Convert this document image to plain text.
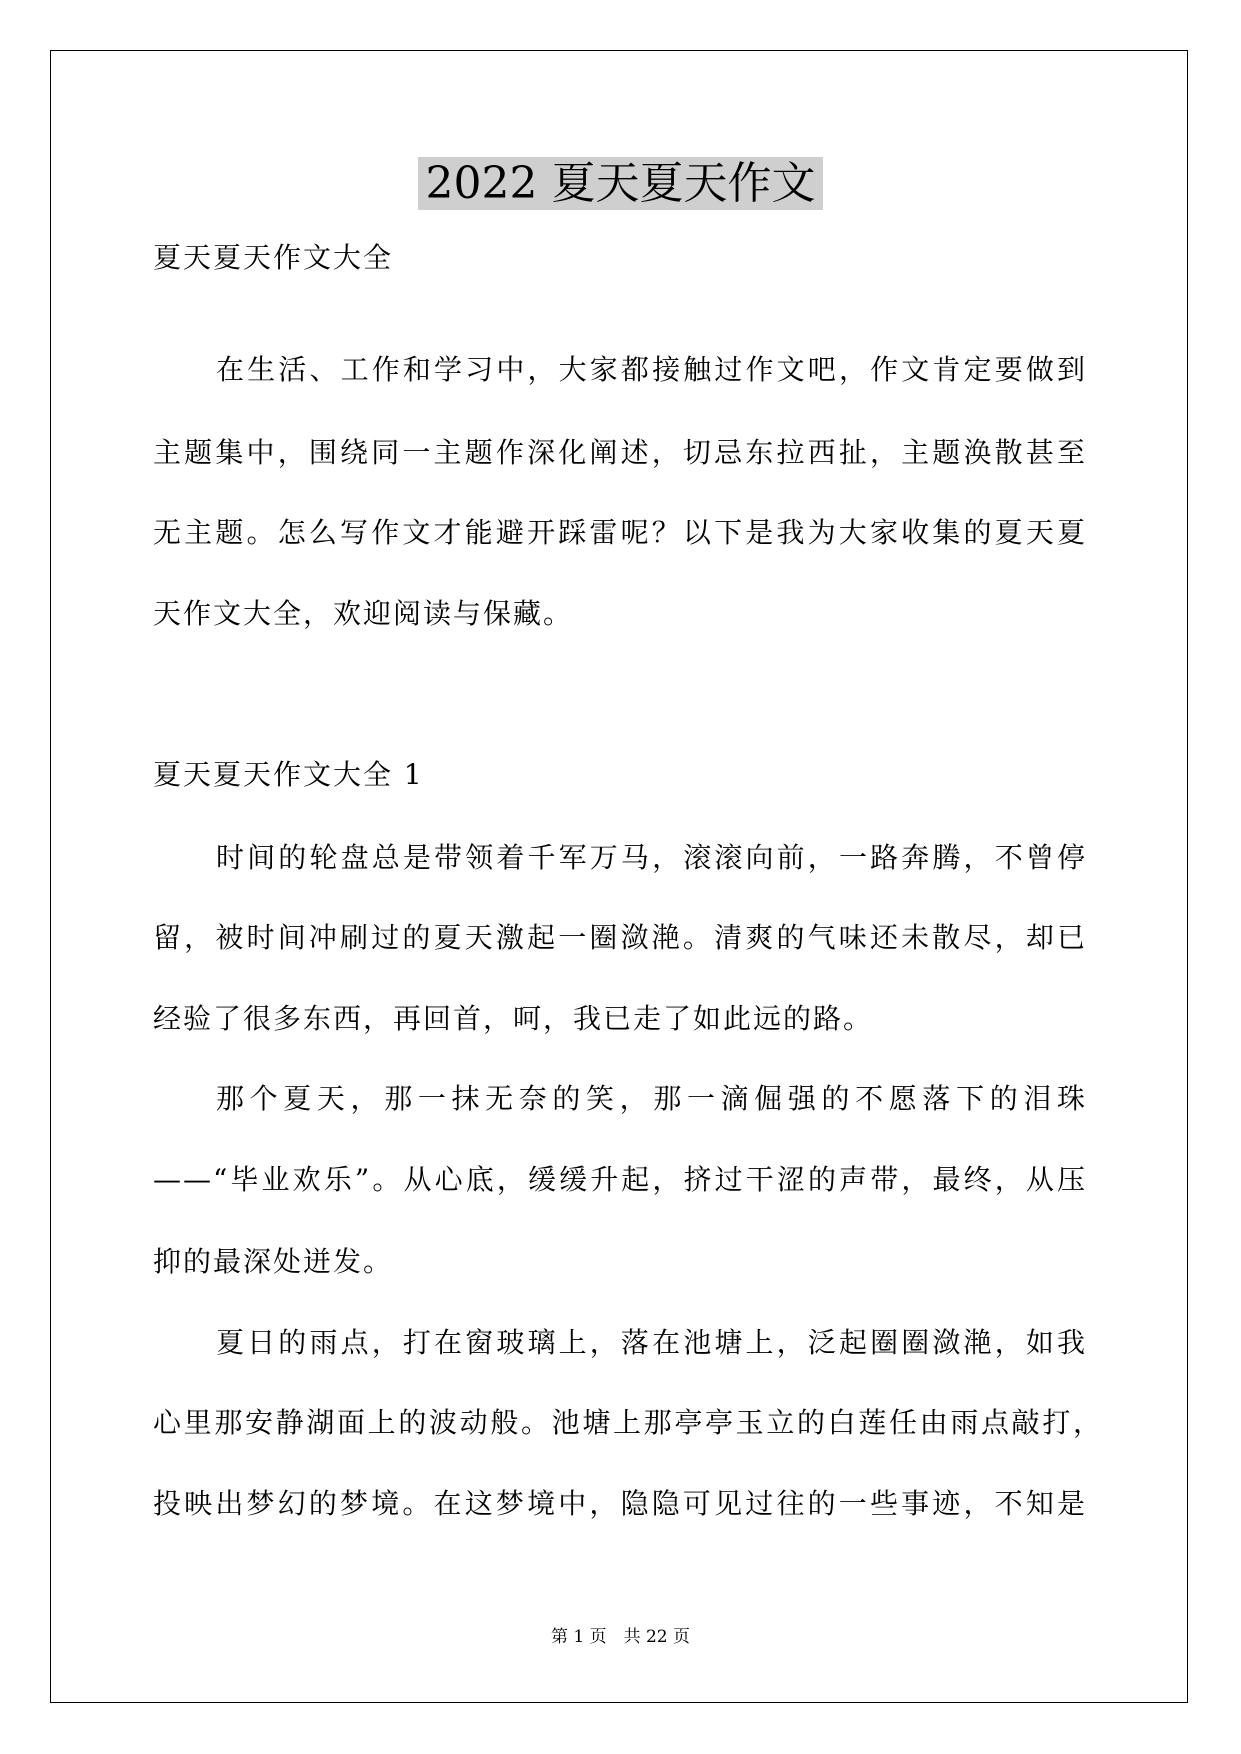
2022 夏天夏天作文
夏天夏天作文大全
在生活、工作和学习中，大家都接触过作文吧，作文肯定要做到
主题集中，围绕同一主题作深化阐述，切忌东拉西扯，主题涣散甚至
无主题。怎么写作文才能避开踩雷呢？以下是我为大家收集的夏天夏
天作文大全，欢迎阅读与保藏。
夏天夏天作文大全 1
时间的轮盘总是带领着千军万马，滚滚向前，一路奔腾，不曾停
留，被时间冲刷过的夏天激起一圈潋滟。清爽的气味还未散尽，却已
经验了很多东西，再回首，呵，我已走了如此远的路。
那个夏天，那一抹无奈的笑，那一滴倔强的不愿落下的泪珠
——“毕业欢乐”。从心底，缓缓升起，挤过干涩的声带，最终，从压
抑的最深处迸发。
夏日的雨点，打在窗玻璃上，落在池塘上，泛起圈圈潋滟，如我
心里那安静湖面上的波动般。池塘上那亭亭玉立的白莲任由雨点敲打，
投映出梦幻的梦境。在这梦境中，隐隐可见过往的一些事迹，不知是
第 1 页　共 22 页
